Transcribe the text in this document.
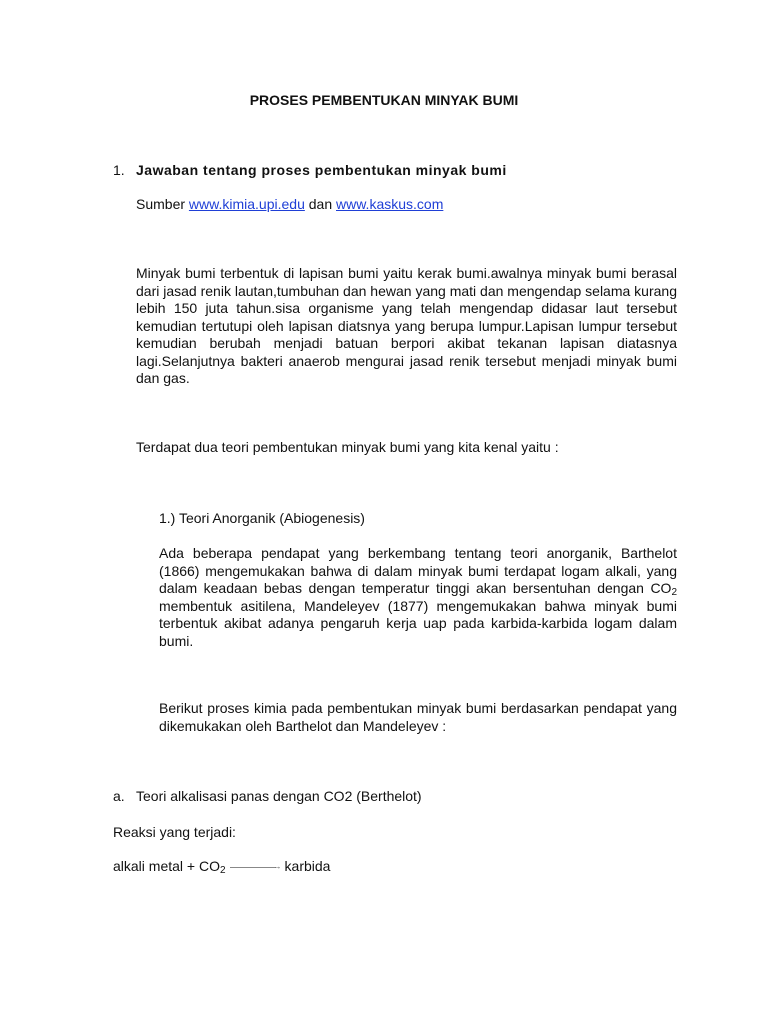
PROSES PEMBENTUKAN MINYAK BUMI
1. Jawaban tentang proses pembentukan minyak bumi
Sumber www.kimia.upi.edu dan www.kaskus.com

Minyak bumi terbentuk di lapisan bumi yaitu kerak bumi.awalnya minyak bumi berasal dari jasad renik lautan,tumbuhan dan hewan yang mati dan mengendap selama kurang lebih 150 juta tahun.sisa organisme yang telah mengendap didasar laut tersebut kemudian tertutupi oleh lapisan diatsnya yang berupa lumpur.Lapisan lumpur tersebut kemudian berubah menjadi batuan berpori akibat tekanan lapisan diatasnya lagi.Selanjutnya bakteri anaerob mengurai jasad renik tersebut menjadi minyak bumi dan gas.

Terdapat dua teori pembentukan minyak bumi yang kita kenal yaitu :
1.) Teori Anorganik (Abiogenesis)

Ada beberapa pendapat yang berkembang tentang teori anorganik, Barthelot (1866) mengemukakan bahwa di dalam minyak bumi terdapat logam alkali, yang dalam keadaan bebas dengan temperatur tinggi akan bersentuhan dengan $CO_2$ membentuk asitilena, Mandeleyev (1877) mengemukakan bahwa minyak bumi terbentuk akibat adanya pengaruh kerja uap pada karbida-karbida logam dalam bumi.

Berikut proses kimia pada pembentukan minyak bumi berdasarkan pendapat yang dikemukakan oleh Barthelot dan Mandeleyev :

a. Teori alkalisasi panas dengan CO2 (Berthelot)
Reaksi yang terjadi:
alkali metal + $CO_2$	→ karbida
